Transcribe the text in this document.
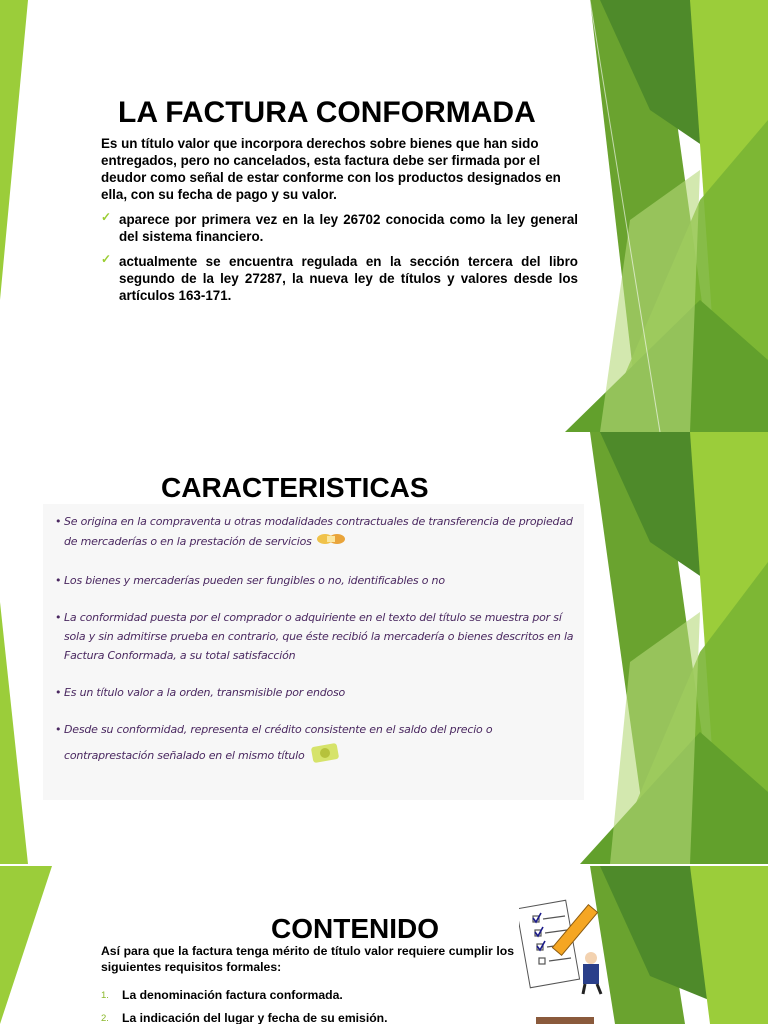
LA FACTURA CONFORMADA

Es un título valor que incorpora derechos sobre bienes que han sido entregados, pero no cancelados, esta factura debe ser firmada por el deudor como señal de estar conforme con los productos designados en ella, con su fecha de pago y su valor.

✓ aparece por primera vez en la ley 26702 conocida como la ley general del sistema financiero.
✓ actualmente se encuentra regulada en la sección tercera del libro segundo de la ley 27287, la nueva ley de títulos y valores desde los artículos 163-171.
CARACTERISTICAS
• Se origina en la compraventa u otras modalidades contractuales de transferencia de propiedad de mercaderías o en la prestación de servicios
• Los bienes y mercaderías pueden ser fungibles o no, identificables o no
• La conformidad puesta por el comprador o adquiriente en el texto del título se muestra por sí sola y sin admitirse prueba en contrario, que éste recibió la mercadería o bienes descritos en la Factura Conformada, a su total satisfacción
• Es un título valor a la orden, transmisible por endoso
• Desde su conformidad, representa el crédito consistente en el saldo del precio o contraprestación señalado en el mismo título
CONTENIDO

Así para que la factura tenga mérito de título valor requiere cumplir los siguientes requisitos formales:

1. La denominación factura conformada.
2. La indicación del lugar y fecha de su emisión.
